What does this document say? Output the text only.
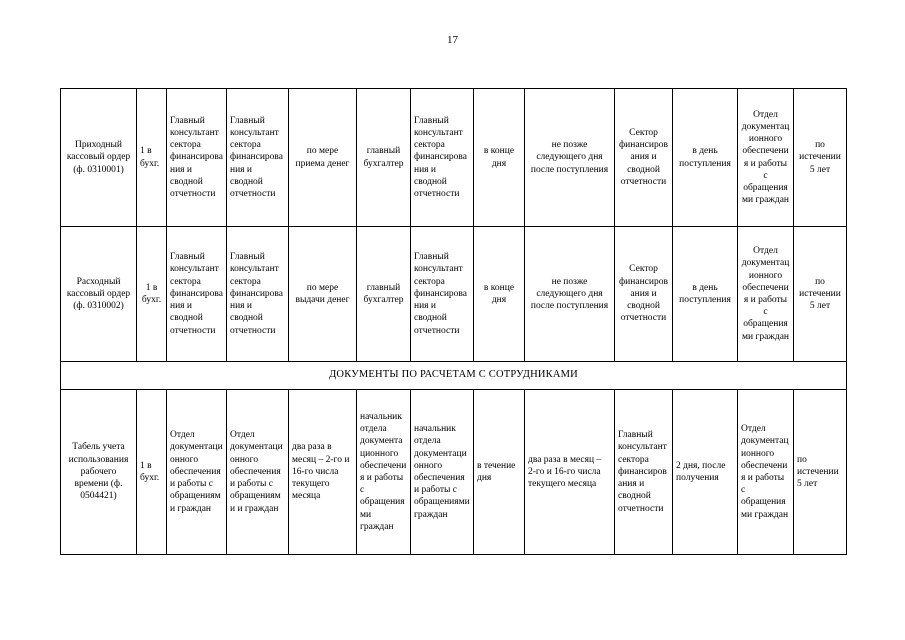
17
Приходный кассовый ордер (ф. 0310001)	1 в бухг.	Главный консультант сектора финансирования и сводной отчетности	Главный консультант сектора финансирования и сводной отчетности	по мере приема денег	главный бухгалтер	Главный консультант сектора финансирования и сводной отчетности	в конце дня	не позже следующего дня после поступления	Сектор финансирования и сводной отчетности	в день поступления	Отдел документационного обеспечения и работы с обращениями граждан	по истечении 5 лет
Расходный кассовый ордер (ф. 0310002)	1 в бухг.	Главный консультант сектора финансирования и сводной отчетности	Главный консультант сектора финансирования и сводной отчетности	по мере выдачи денег	главный бухгалтер	Главный консультант сектора финансирования и сводной отчетности	в конце дня	не позже следующего дня после поступления	Сектор финансирования и сводной отчетности	в день поступления	Отдел документационного обеспечения и работы с обращениями граждан	по истечении 5 лет
ДОКУМЕНТЫ ПО РАСЧЕТАМ С СОТРУДНИКАМИ												
Табель учета использования рабочего времени (ф. 0504421)	1 в бухг.	Отдел документационного обеспечения и работы с обращениями граждан	Отдел документационного обеспечения и работы с обращениями и граждан	два раза в месяц – 2-го и 16-го числа текущего месяца	начальник отдела документационного обеспечения и работы с обращениями граждан	начальник отдела документационного обеспечения и работы с обращениями граждан	в течение дня	два раза в месяц – 2-го и 16-го числа текущего месяца	Главный консультант сектора финансирования и сводной отчетности	2 дня, после получения	Отдел документационного обеспечения и работы с обращениями граждан	по истечении 5 лет
